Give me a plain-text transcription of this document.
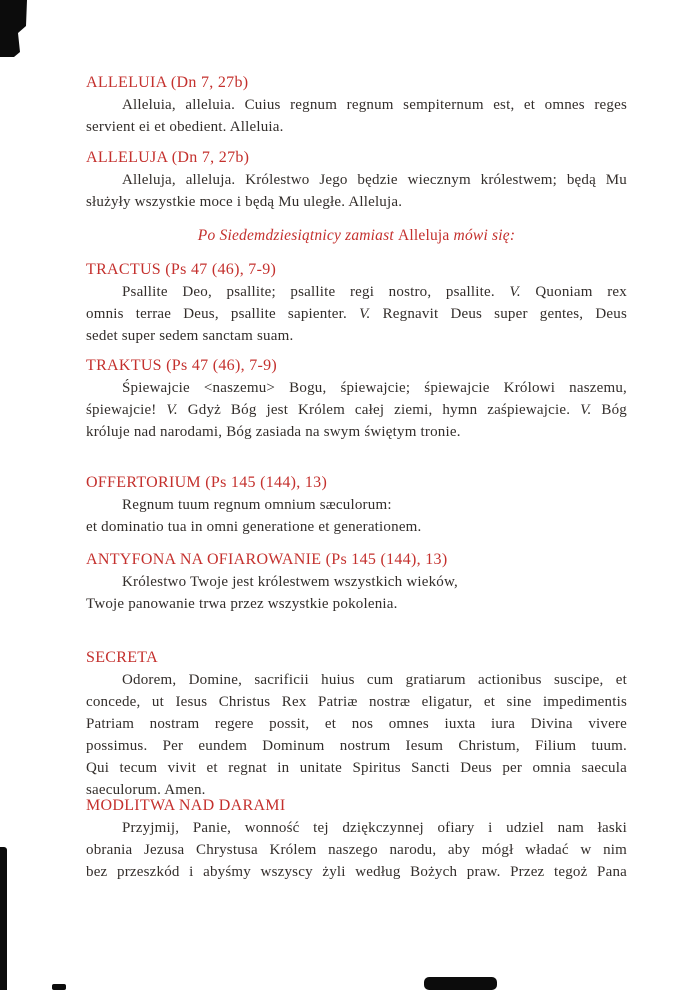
ALLELUIA (Dn 7, 27b)
Alleluia, alleluia. Cuius regnum regnum sempiternum est, et omnes reges
servient ei et obedient. Alleluia.
ALLELUJA (Dn 7, 27b)
Alleluja, alleluja. Królestwo Jego będzie wiecznym królestwem; będą Mu
służyły wszystkie moce i będą Mu uległe. Alleluja.
TRACTUS (Ps 47 (46), 7-9)
Psallite Deo, psallite; psallite regi nostro, psallite. V. Quoniam rex
omnis terrae Deus, psallite sapienter. V. Regnavit Deus super gentes, Deus
sedet super sedem sanctam suam.
TRAKTUS (Ps 47 (46), 7-9)
Śpiewajcie <naszemu> Bogu, śpiewajcie; śpiewajcie Królowi naszemu,
śpiewajcie! V. Gdyż Bóg jest Królem całej ziemi, hymn zaśpiewajcie. V. Bóg
króluje nad narodami, Bóg zasiada na swym świętym tronie.
OFFERTORIUM (Ps 145 (144), 13)
Regnum tuum regnum omnium sæculorum:
et dominatio tua in omni generatione et generationem.
ANTYFONA NA OFIAROWANIE (Ps 145 (144), 13)
Królestwo Twoje jest królestwem wszystkich wieków,
Twoje panowanie trwa przez wszystkie pokolenia.
SECRETA
Odorem, Domine, sacrificii huius cum gratiarum actionibus suscipe, et
concede, ut Iesus Christus Rex Patriæ nostræ eligatur, et sine impedimentis
Patriam nostram regere possit, et nos omnes iuxta iura Divina vivere
possimus. Per eundem Dominum nostrum Iesum Christum, Filium tuum.
Qui tecum vivit et regnat in unitate Spiritus Sancti Deus per omnia saecula
saeculorum. Amen.
MODLITWA NAD DARAMI
Przyjmij, Panie, wonność tej dziękczynnej ofiary i udziel nam łaski
obrania Jezusa Chrystusa Królem naszego narodu, aby mógł władać w nim
bez przeszkód i abyśmy wszyscy żyli według Bożych praw. Przez tegoż Pana
Po Siedemdziesiątnicy zamiast Alleluja mówi się:
